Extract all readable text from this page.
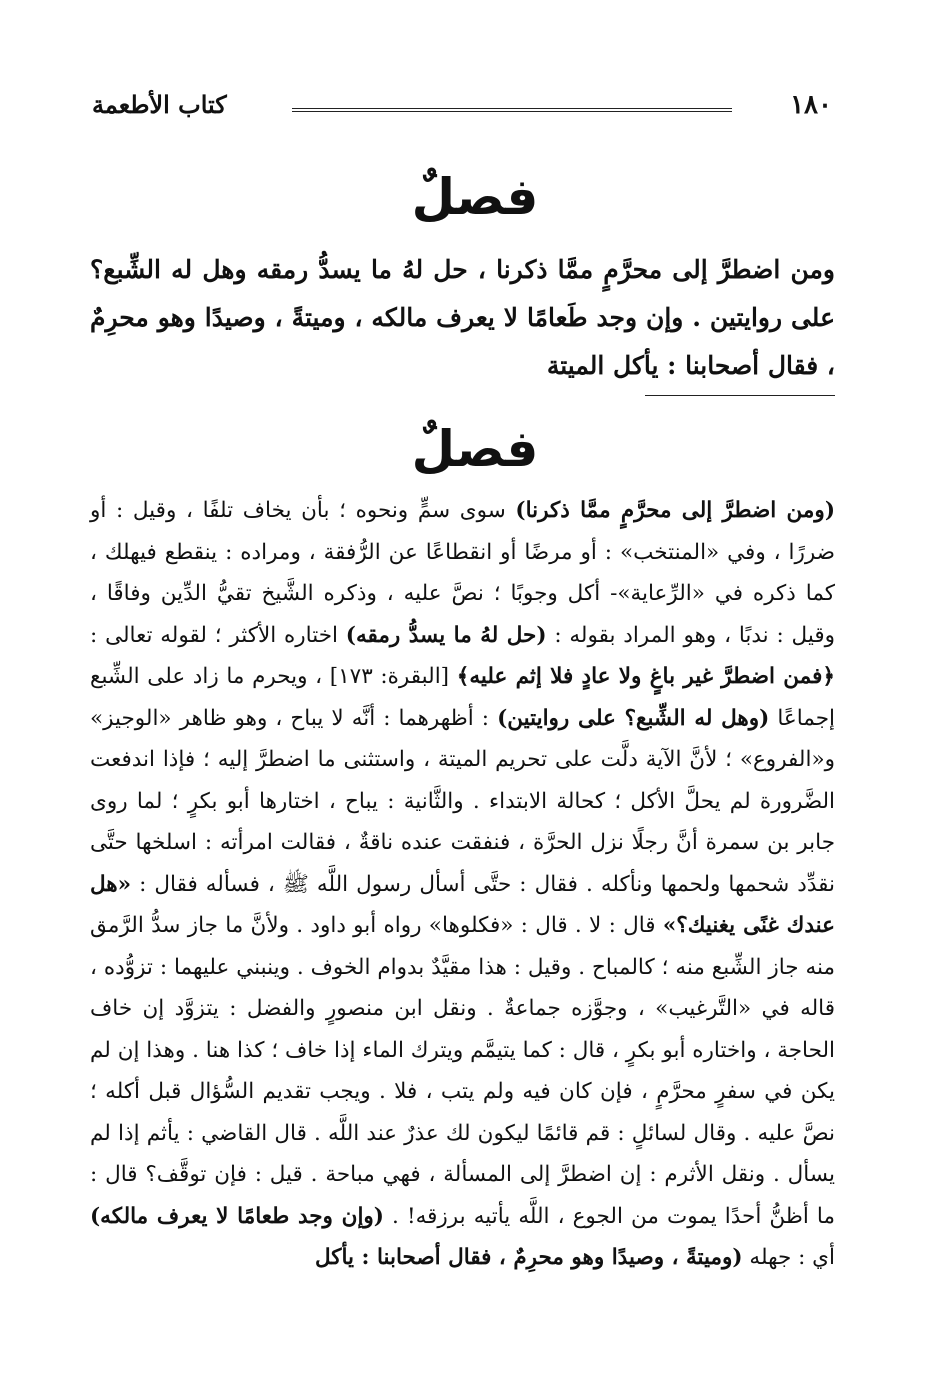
١٨٠
كتاب الأطعمة
فصلٌ

ومن اضطرَّ إلى محرَّمٍ ممَّا ذكرنا ، حل لهُ ما يسدُّ رمقه وهل له الشِّبع؟ على روايتين . وإن وجد طَعامًا لا يعرف مالكه ، وميتةً ، وصيدًا وهو محرِمٌ ، فقال أصحابنا : يأكل الميتة

فصلٌ

(ومن اضطرَّ إلى محرَّمٍ ممَّا ذكرنا) سوى سمٍّ ونحوه ؛ بأن يخاف تلفًا ، وقيل : أو ضررًا ، وفي «المنتخب» : أو مرضًا أو انقطاعًا عن الرُّفقة ، ومراده : ينقطع فيهلك ، كما ذكره في «الرِّعاية»- أكل وجوبًا ؛ نصَّ عليه ، وذكره الشَّيخ تقيُّ الدِّين وفاقًا ، وقيل : ندبًا ، وهو المراد بقوله : (حل لهُ ما يسدُّ رمقه) اختاره الأكثر ؛ لقوله تعالى : ﴿فمن اضطرَّ غير باغٍ ولا عادٍ فلا إثم عليه﴾ [البقرة: ١٧٣] ، ويحرم ما زاد على الشِّبع إجماعًا (وهل له الشِّبع؟ على روايتين) : أظهرهما : أنَّه لا يباح ، وهو ظاهر «الوجيز» و«الفروع» ؛ لأنَّ الآية دلَّت على تحريم الميتة ، واستثنى ما اضطرَّ إليه ؛ فإذا اندفعت الضَّرورة لم يحلَّ الأكل ؛ كحالة الابتداء . والثَّانية : يباح ، اختارها أبو بكرٍ ؛ لما روى جابر بن سمرة أنَّ رجلًا نزل الحرَّة ، فنفقت عنده ناقةٌ ، فقالت امرأته : اسلخها حتَّى نقدِّد شحمها ولحمها ونأكله . فقال : حتَّى أسأل رسول اللَّه ﷺ ، فسأله فقال : «هل عندك غنًى يغنيك؟» قال : لا . قال : «فكلوها» رواه أبو داود . ولأنَّ ما جاز سدُّ الرَّمق منه جاز الشِّبع منه ؛ كالمباح . وقيل : هذا مقيَّدٌ بدوام الخوف . وينبني عليهما : تزوُّده ، قاله في «التَّرغيب» ، وجوَّزه جماعةٌ . ونقل ابن منصورٍ والفضل : يتزوَّد إن خاف الحاجة ، واختاره أبو بكرٍ ، قال : كما يتيمَّم ويترك الماء إذا خاف ؛ كذا هنا . وهذا إن لم يكن في سفرٍ محرَّمٍ ، فإن كان فيه ولم يتب ، فلا . ويجب تقديم السُّؤال قبل أكله ؛ نصَّ عليه . وقال لسائلٍ : قم قائمًا ليكون لك عذرٌ عند اللَّه . قال القاضي : يأثم إذا لم يسأل . ونقل الأثرم : إن اضطرَّ إلى المسألة ، فهي مباحة . قيل : فإن توقَّف؟ قال : ما أظنُّ أحدًا يموت من الجوع ، اللَّه يأتيه برزقه! . (وإن وجد طعامًا لا يعرف مالكه) أي : جهله (وميتةً ، وصيدًا وهو محرِمٌ ، فقال أصحابنا : يأكل
